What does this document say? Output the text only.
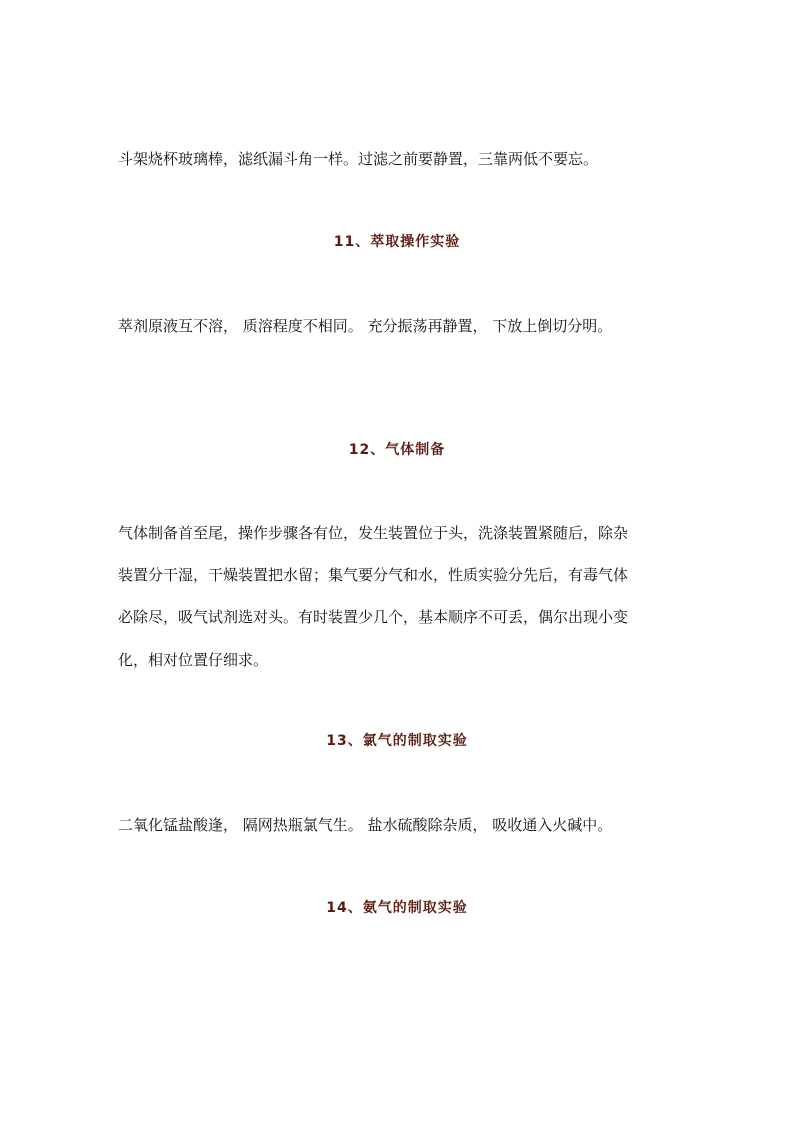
斗架烧杯玻璃棒，滤纸漏斗角一样。过滤之前要静置，三靠两低不要忘。
11、萃取操作实验
萃剂原液互不溶， 质溶程度不相同。 充分振荡再静置， 下放上倒切分明。
12、气体制备
气体制备首至尾，操作步骤各有位，发生装置位于头，洗涤装置紧随后，除杂
装置分干湿，干燥装置把水留；集气要分气和水，性质实验分先后，有毒气体
必除尽，吸气试剂选对头。有时装置少几个，基本顺序不可丢，偶尔出现小变
化，相对位置仔细求。
13、氯气的制取实验
二氧化锰盐酸逢， 隔网热瓶氯气生。 盐水硫酸除杂质， 吸收通入火碱中。
14、氨气的制取实验
